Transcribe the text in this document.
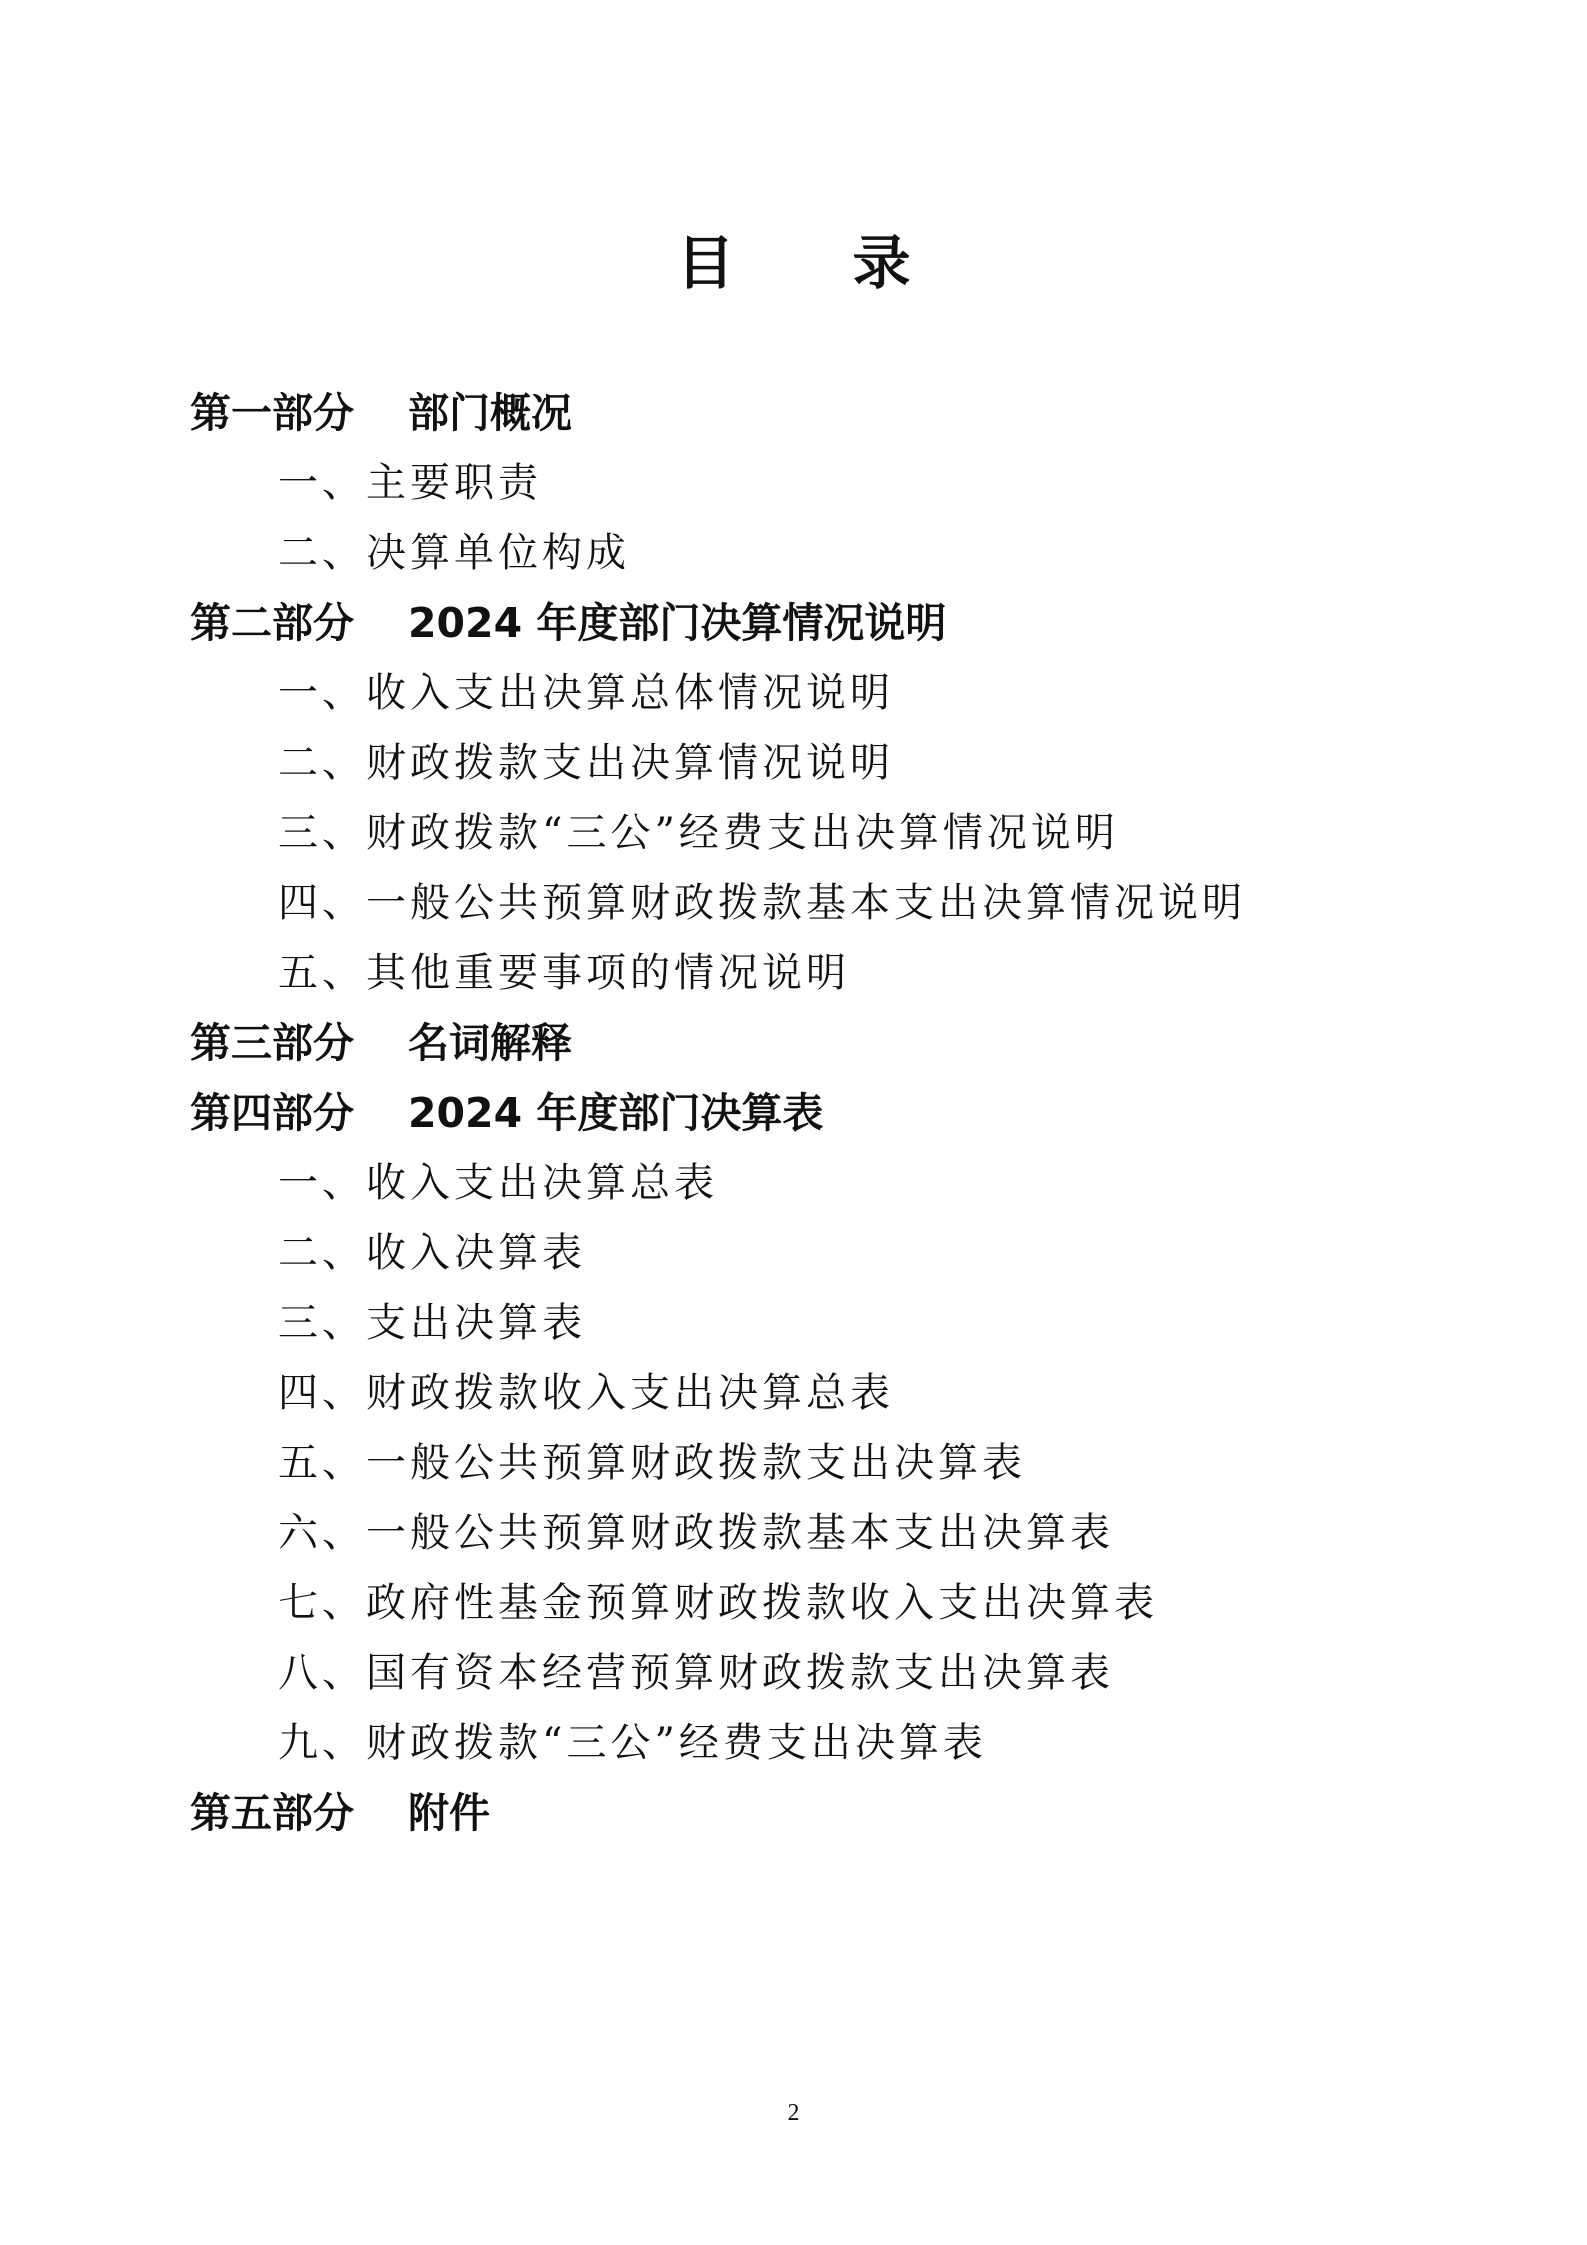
目 录
第一部分 部门概况
一、主要职责
二、决算单位构成
第二部分 2024 年度部门决算情况说明
一、收入支出决算总体情况说明
二、财政拨款支出决算情况说明
三、财政拨款“三公”经费支出决算情况说明
四、一般公共预算财政拨款基本支出决算情况说明
五、其他重要事项的情况说明
第三部分 名词解释
第四部分 2024 年度部门决算表
一、收入支出决算总表
二、收入决算表
三、支出决算表
四、财政拨款收入支出决算总表
五、一般公共预算财政拨款支出决算表
六、一般公共预算财政拨款基本支出决算表
七、政府性基金预算财政拨款收入支出决算表
八、国有资本经营预算财政拨款支出决算表
九、财政拨款“三公”经费支出决算表
第五部分 附件
2
